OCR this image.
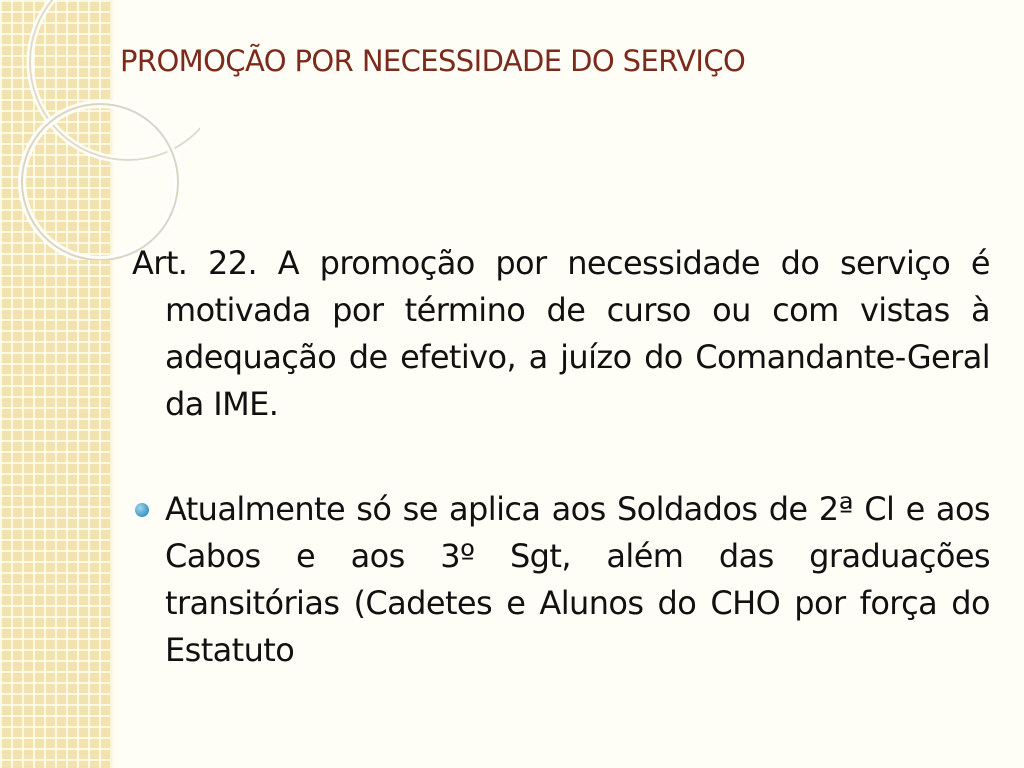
PROMOÇÃO POR NECESSIDADE DO SERVIÇO

Art. 22. A promoção por necessidade do serviço é motivada por término de curso ou com vistas à adequação de efetivo, a juízo do Comandante-Geral da IME.

Atualmente só se aplica aos Soldados de 2ª Cl e aos Cabos e aos 3º Sgt, além das graduações transitórias (Cadetes e Alunos do CHO por força do Estatuto
